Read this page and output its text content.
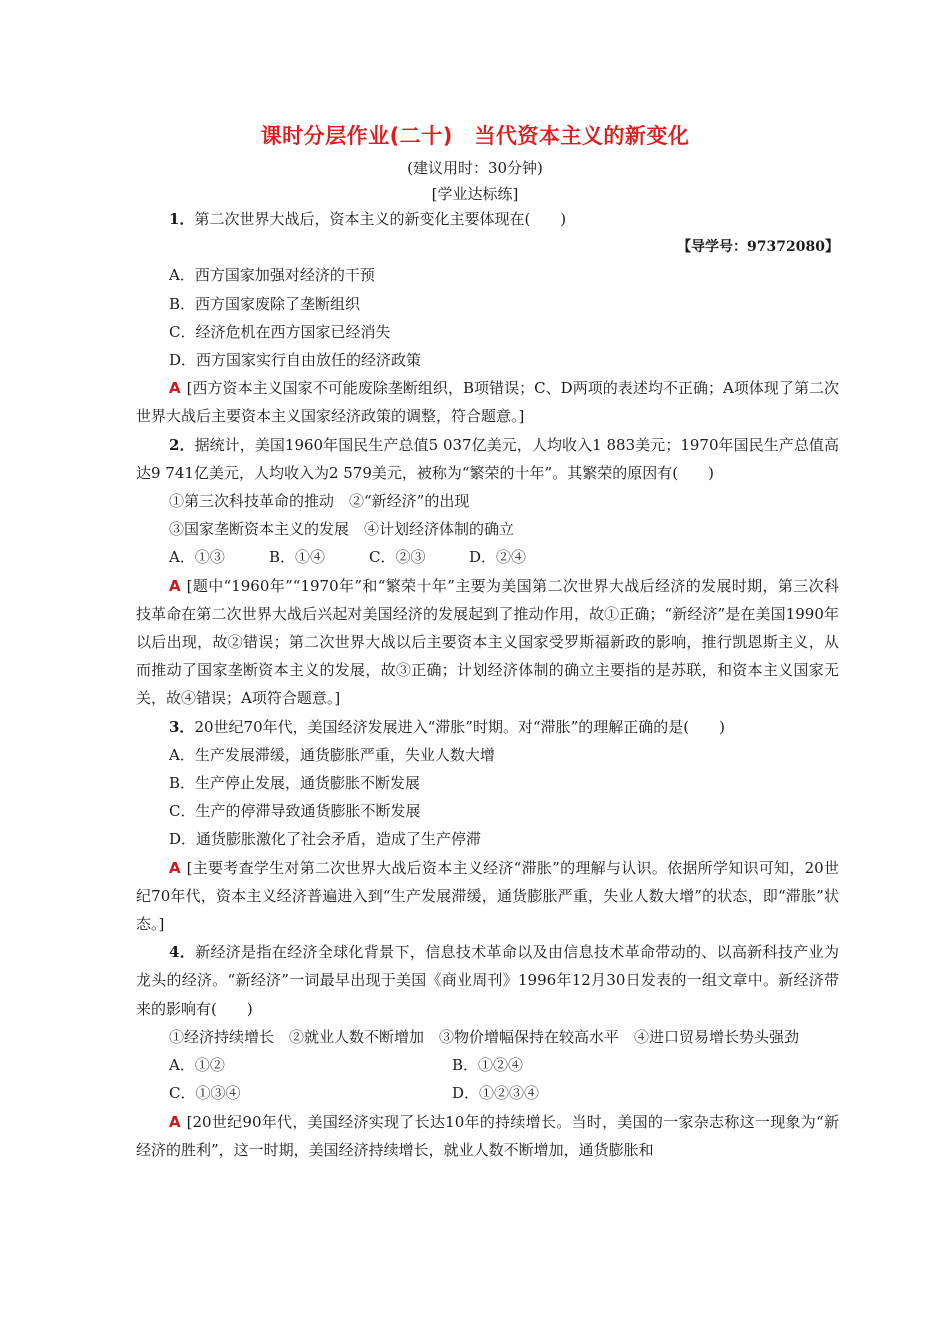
课时分层作业(二十)　当代资本主义的新变化
(建议用时：30分钟)
[学业达标练]

1．第二次世界大战后，资本主义的新变化主要体现在(　　)

【导学号：97372080】

A．西方国家加强对经济的干预

B．西方国家废除了垄断组织

C．经济危机在西方国家已经消失

D．西方国家实行自由放任的经济政策

A [西方资本主义国家不可能废除垄断组织，B项错误；C、D两项的表述均不正确；A项体现了第二次世界大战后主要资本主义国家经济政策的调整，符合题意。]

2．据统计，美国1960年国民生产总值5 037亿美元，人均收入1 883美元；1970年国民生产总值高达9 741亿美元，人均收入为2 579美元，被称为“繁荣的十年”。其繁荣的原因有(　　)

①第三次科技革命的推动　②“新经济”的出现

③国家垄断资本主义的发展　④计划经济体制的确立

A．①③	B．①④	C．②③	D．②④

A [题中“1960年”“1970年”和“繁荣十年”主要为美国第二次世界大战后经济的发展时期，第三次科技革命在第二次世界大战后兴起对美国经济的发展起到了推动作用，故①正确；“新经济”是在美国1990年以后出现，故②错误；第二次世界大战以后主要资本主义国家受罗斯福新政的影响，推行凯恩斯主义，从而推动了国家垄断资本主义的发展，故③正确；计划经济体制的确立主要指的是苏联，和资本主义国家无关，故④错误；A项符合题意。]

3．20世纪70年代，美国经济发展进入“滞胀”时期。对“滞胀”的理解正确的是(　　)

A．生产发展滞缓，通货膨胀严重，失业人数大增

B．生产停止发展，通货膨胀不断发展

C．生产的停滞导致通货膨胀不断发展

D．通货膨胀激化了社会矛盾，造成了生产停滞

A [主要考查学生对第二次世界大战后资本主义经济“滞胀”的理解与认识。依据所学知识可知，20世纪70年代，资本主义经济普遍进入到“生产发展滞缓，通货膨胀严重，失业人数大增”的状态，即“滞胀”状态。]

4．新经济是指在经济全球化背景下，信息技术革命以及由信息技术革命带动的、以高新科技产业为龙头的经济。“新经济”一词最早出现于美国《商业周刊》1996年12月30日发表的一组文章中。新经济带来的影响有(　　)

①经济持续增长　②就业人数不断增加　③物价增幅保持在较高水平　④进口贸易增长势头强劲

A．①②	B．①②④
C．①③④	D．①②③④

A [20世纪90年代，美国经济实现了长达10年的持续增长。当时，美国的一家杂志称这一现象为“新经济的胜利”，这一时期，美国经济持续增长，就业人数不断增加，通货膨胀和
